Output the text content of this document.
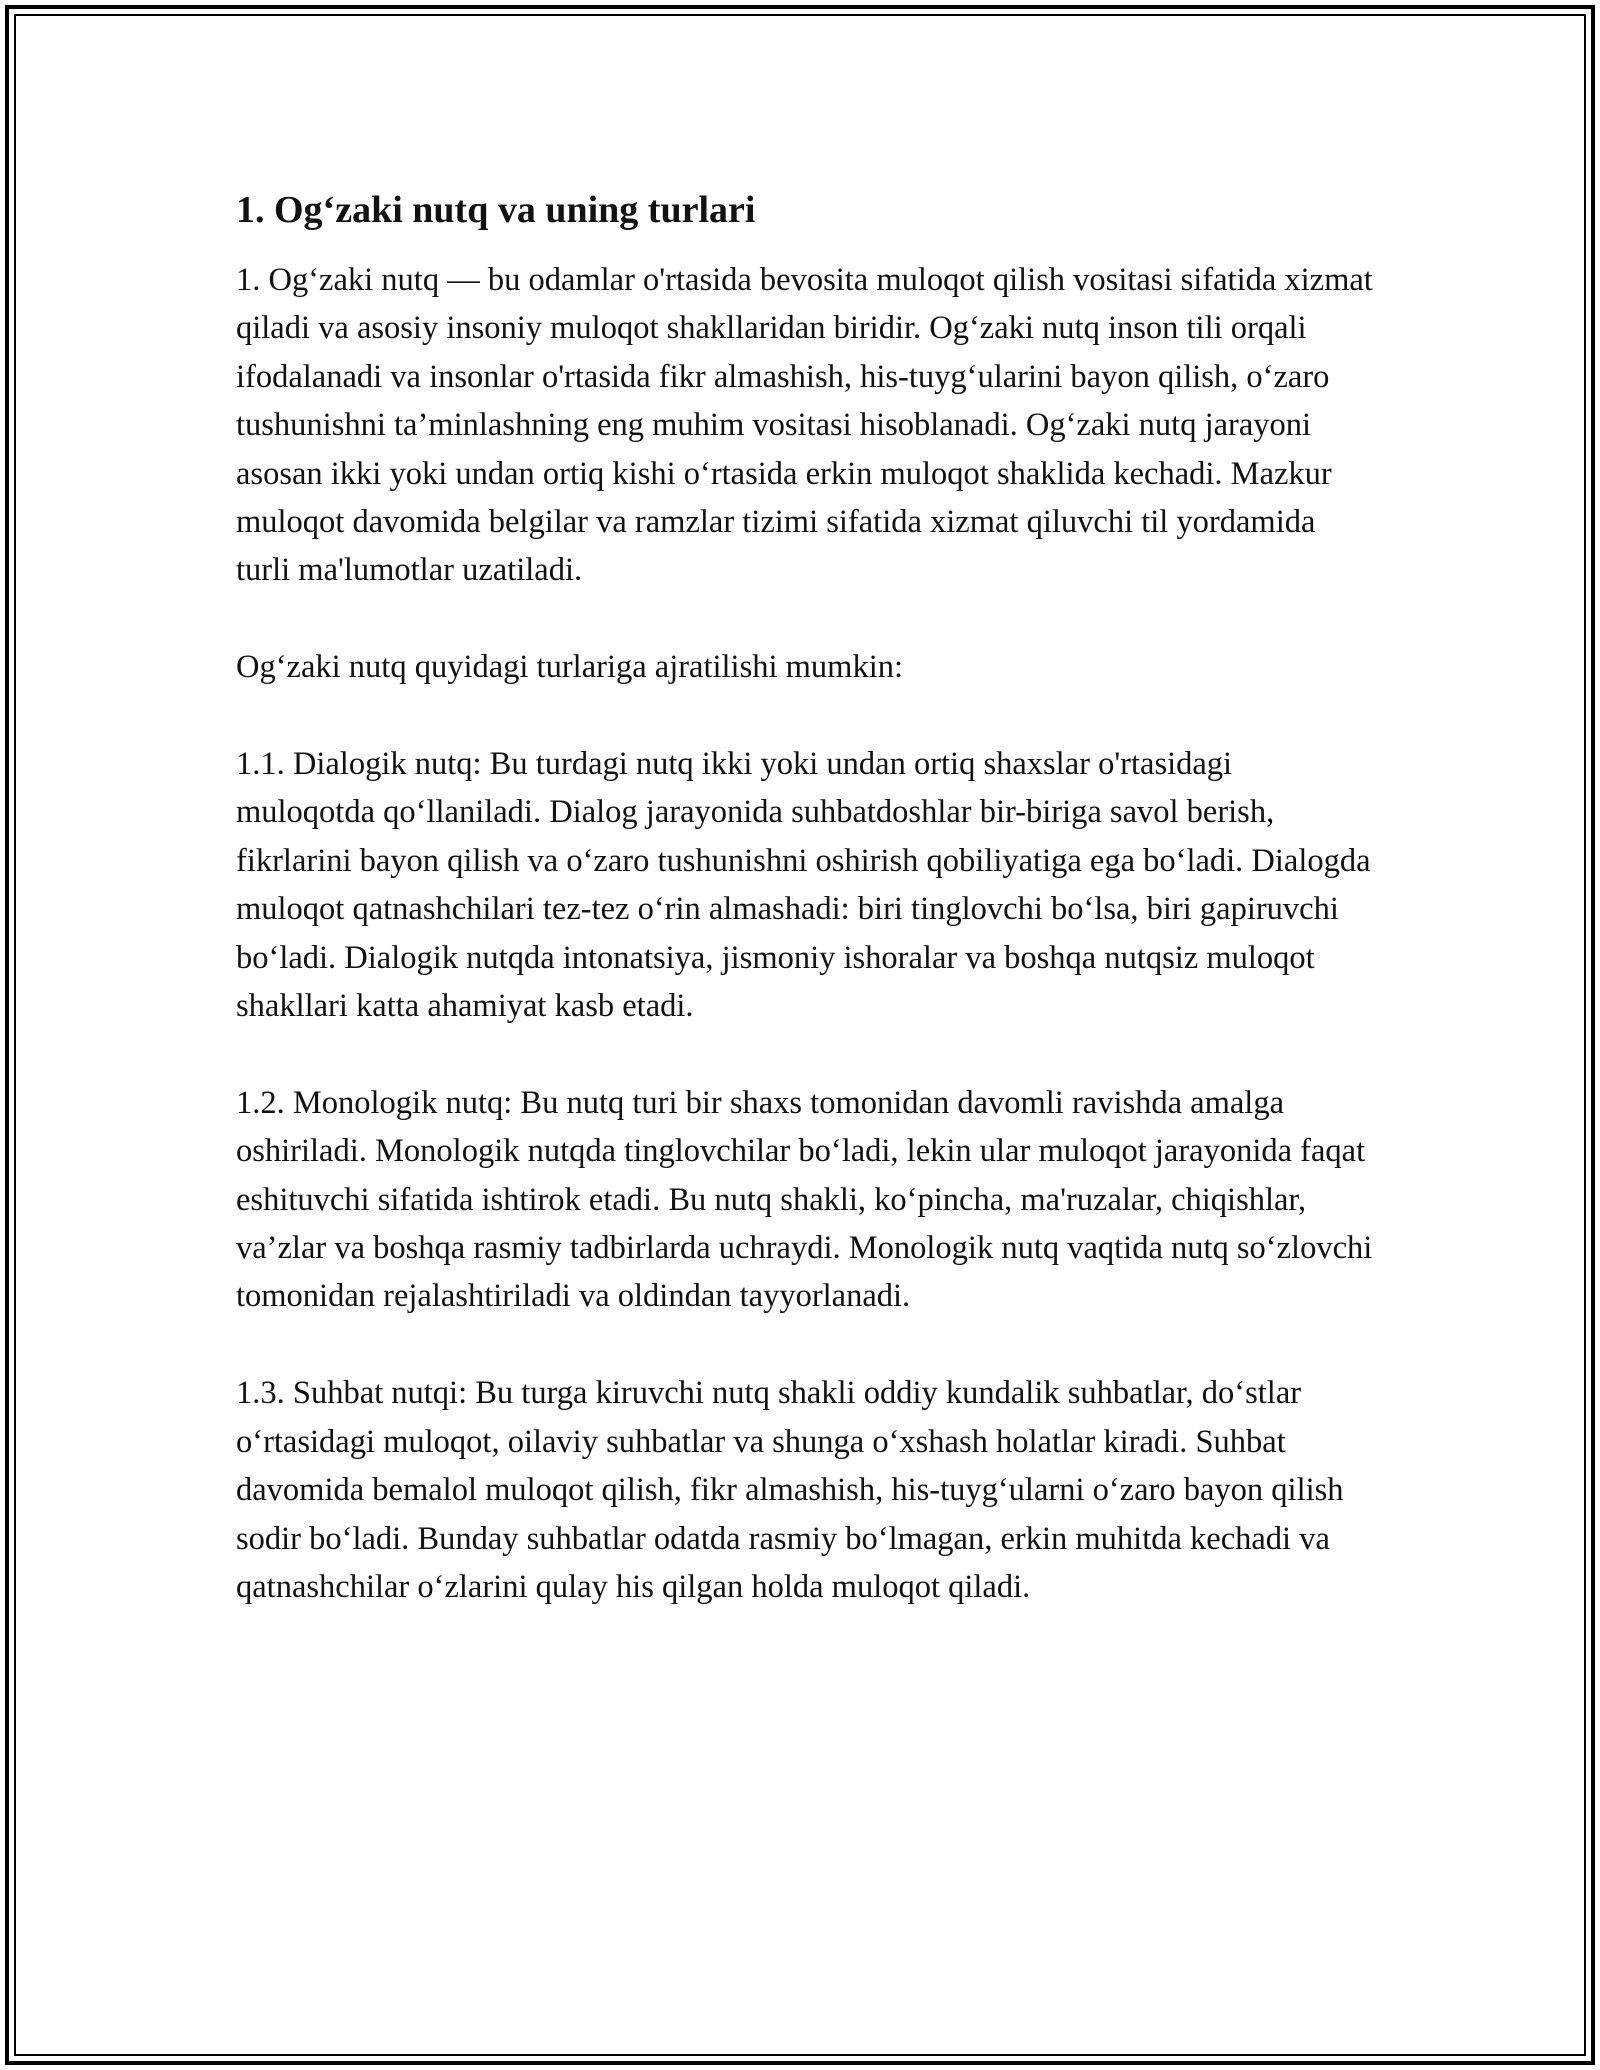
1. Og‘zaki nutq va uning turlari

1. Og‘zaki nutq — bu odamlar o'rtasida bevosita muloqot qilish vositasi sifatida xizmat qiladi va asosiy insoniy muloqot shakllaridan biridir. Og‘zaki nutq inson tili orqali ifodalanadi va insonlar o'rtasida fikr almashish, his-tuyg‘ularini bayon qilish, o‘zaro tushunishni ta’minlashning eng muhim vositasi hisoblanadi. Og‘zaki nutq jarayoni asosan ikki yoki undan ortiq kishi o‘rtasida erkin muloqot shaklida kechadi. Mazkur muloqot davomida belgilar va ramzlar tizimi sifatida xizmat qiluvchi til yordamida turli ma'lumotlar uzatiladi.

Og‘zaki nutq quyidagi turlariga ajratilishi mumkin:

1.1. Dialogik nutq: Bu turdagi nutq ikki yoki undan ortiq shaxslar o'rtasidagi muloqotda qo‘llaniladi. Dialog jarayonida suhbatdoshlar bir-biriga savol berish, fikrlarini bayon qilish va o‘zaro tushunishni oshirish qobiliyatiga ega bo‘ladi. Dialogda muloqot qatnashchilari tez-tez o‘rin almashadi: biri tinglovchi bo‘lsa, biri gapiruvchi bo‘ladi. Dialogik nutqda intonatsiya, jismoniy ishoralar va boshqa nutqsiz muloqot shakllari katta ahamiyat kasb etadi.

1.2. Monologik nutq: Bu nutq turi bir shaxs tomonidan davomli ravishda amalga oshiriladi. Monologik nutqda tinglovchilar bo‘ladi, lekin ular muloqot jarayonida faqat eshituvchi sifatida ishtirok etadi. Bu nutq shakli, ko‘pincha, ma'ruzalar, chiqishlar, va’zlar va boshqa rasmiy tadbirlarda uchraydi. Monologik nutq vaqtida nutq so‘zlovchi tomonidan rejalashtiriladi va oldindan tayyorlanadi.

1.3. Suhbat nutqi: Bu turga kiruvchi nutq shakli oddiy kundalik suhbatlar, do‘stlar o‘rtasidagi muloqot, oilaviy suhbatlar va shunga o‘xshash holatlar kiradi. Suhbat davomida bemalol muloqot qilish, fikr almashish, his-tuyg‘ularni o‘zaro bayon qilish sodir bo‘ladi. Bunday suhbatlar odatda rasmiy bo‘lmagan, erkin muhitda kechadi va qatnashchilar o‘zlarini qulay his qilgan holda muloqot qiladi.
